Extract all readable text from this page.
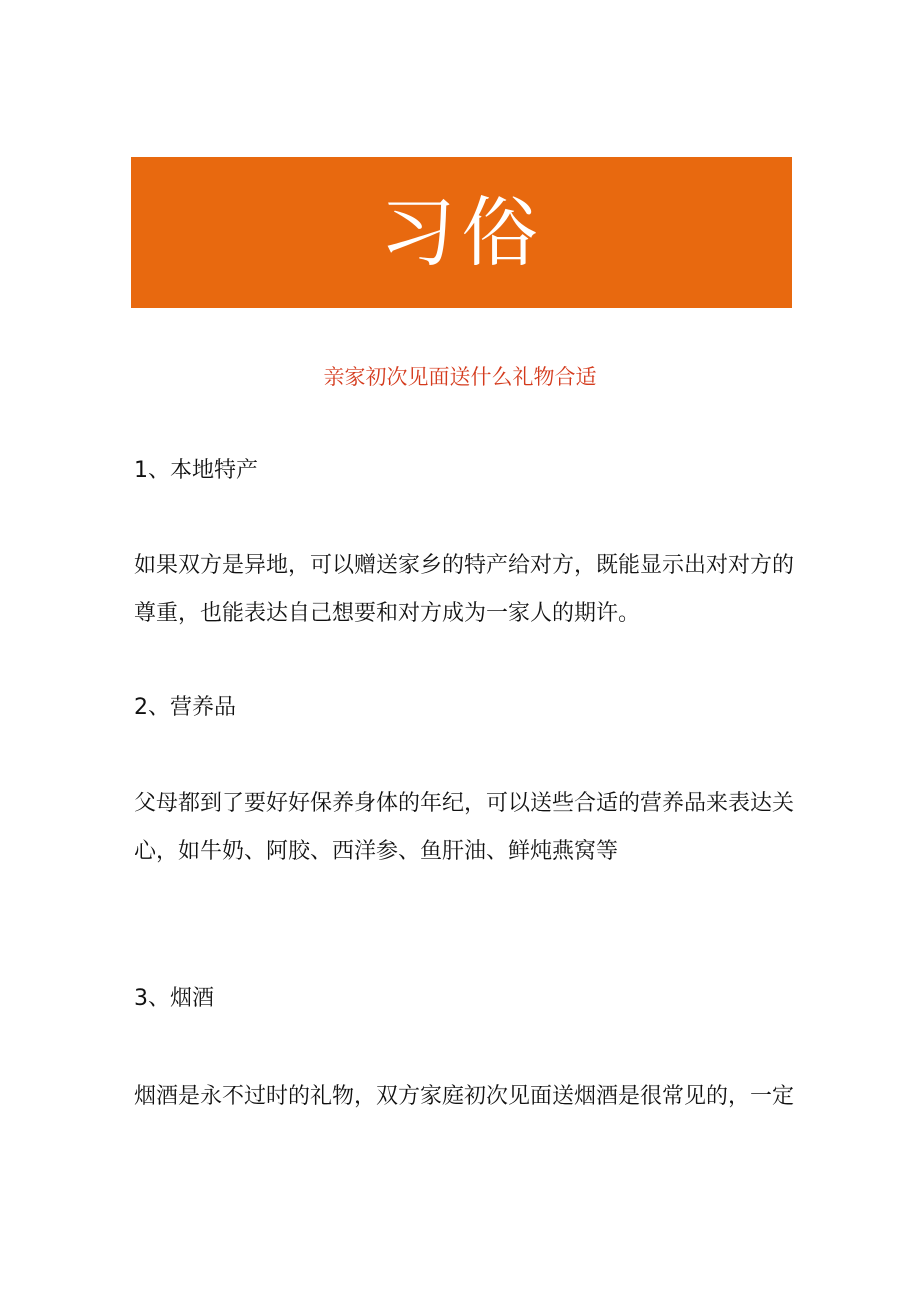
习俗
亲家初次见面送什么礼物合适
1、本地特产
如果双方是异地，可以赠送家乡的特产给对方，既能显示出对对方的
尊重，也能表达自己想要和对方成为一家人的期许。
2、营养品
父母都到了要好好保养身体的年纪，可以送些合适的营养品来表达关
心，如牛奶、阿胶、西洋参、鱼肝油、鲜炖燕窝等
3、烟酒
烟酒是永不过时的礼物，双方家庭初次见面送烟酒是很常见的，一定
